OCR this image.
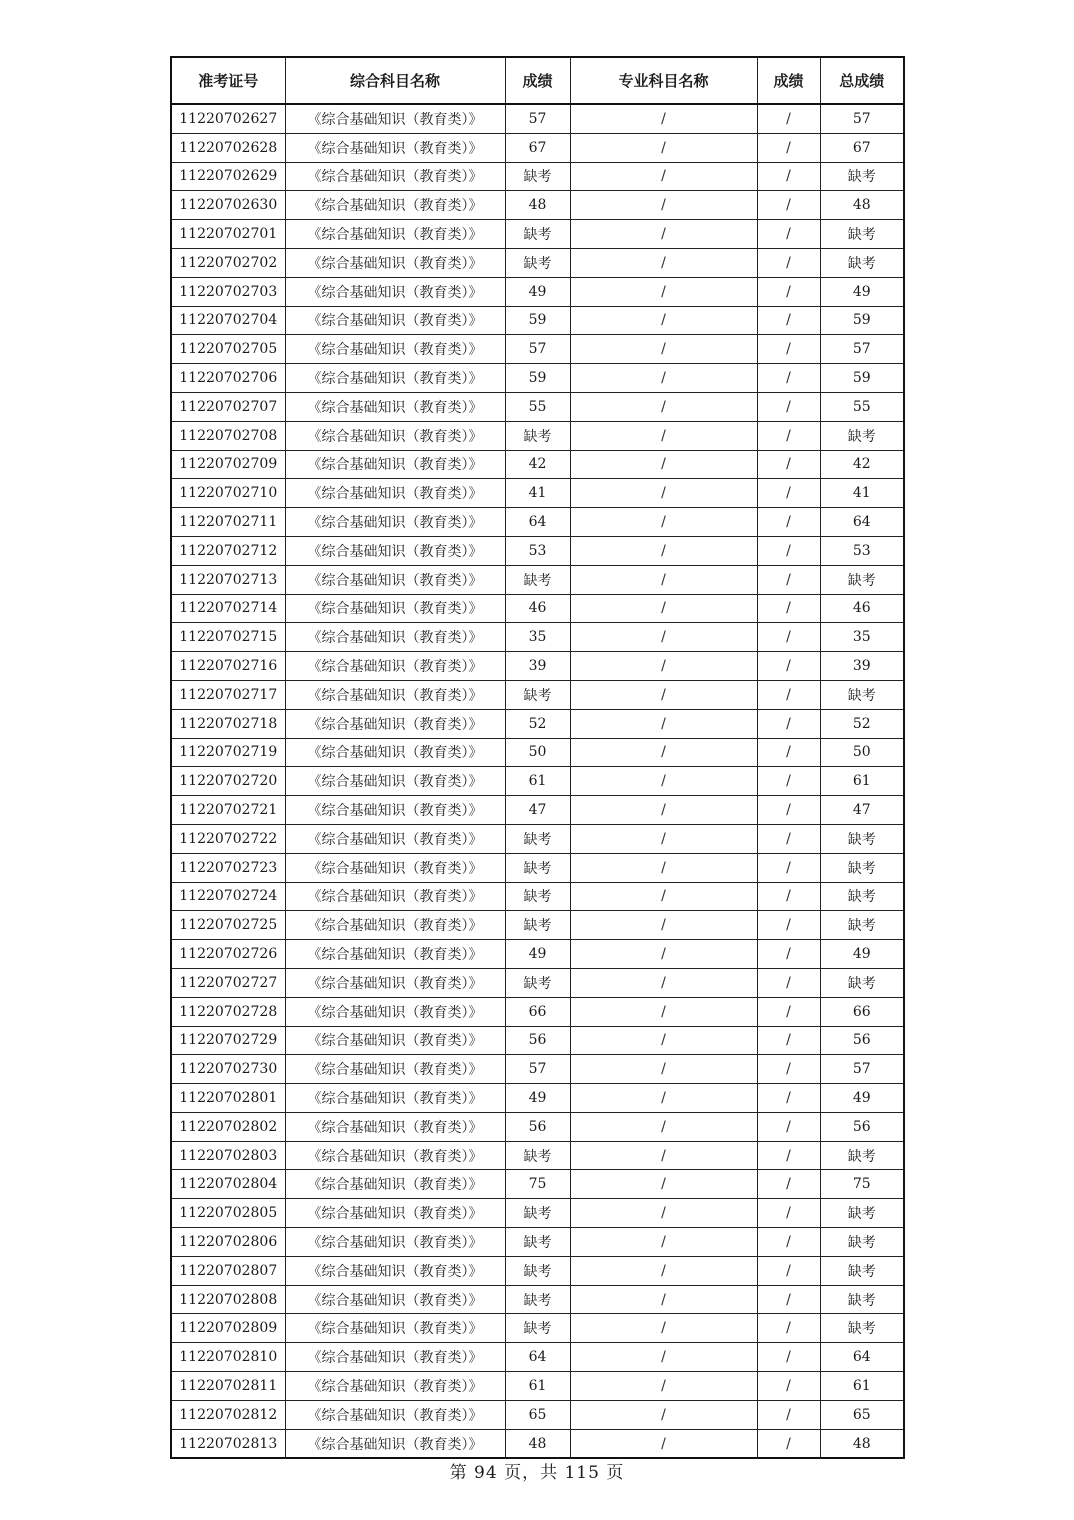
准考证号	综合科目名称	成绩	专业科目名称	成绩	总成绩
11220702627	《综合基础知识（教育类）》	57	/	/	57
11220702628	《综合基础知识（教育类）》	67	/	/	67
11220702629	《综合基础知识（教育类）》	缺考	/	/	缺考
11220702630	《综合基础知识（教育类）》	48	/	/	48
11220702701	《综合基础知识（教育类）》	缺考	/	/	缺考
11220702702	《综合基础知识（教育类）》	缺考	/	/	缺考
11220702703	《综合基础知识（教育类）》	49	/	/	49
11220702704	《综合基础知识（教育类）》	59	/	/	59
11220702705	《综合基础知识（教育类）》	57	/	/	57
11220702706	《综合基础知识（教育类）》	59	/	/	59
11220702707	《综合基础知识（教育类）》	55	/	/	55
11220702708	《综合基础知识（教育类）》	缺考	/	/	缺考
11220702709	《综合基础知识（教育类）》	42	/	/	42
11220702710	《综合基础知识（教育类）》	41	/	/	41
11220702711	《综合基础知识（教育类）》	64	/	/	64
11220702712	《综合基础知识（教育类）》	53	/	/	53
11220702713	《综合基础知识（教育类）》	缺考	/	/	缺考
11220702714	《综合基础知识（教育类）》	46	/	/	46
11220702715	《综合基础知识（教育类）》	35	/	/	35
11220702716	《综合基础知识（教育类）》	39	/	/	39
11220702717	《综合基础知识（教育类）》	缺考	/	/	缺考
11220702718	《综合基础知识（教育类）》	52	/	/	52
11220702719	《综合基础知识（教育类）》	50	/	/	50
11220702720	《综合基础知识（教育类）》	61	/	/	61
11220702721	《综合基础知识（教育类）》	47	/	/	47
11220702722	《综合基础知识（教育类）》	缺考	/	/	缺考
11220702723	《综合基础知识（教育类）》	缺考	/	/	缺考
11220702724	《综合基础知识（教育类）》	缺考	/	/	缺考
11220702725	《综合基础知识（教育类）》	缺考	/	/	缺考
11220702726	《综合基础知识（教育类）》	49	/	/	49
11220702727	《综合基础知识（教育类）》	缺考	/	/	缺考
11220702728	《综合基础知识（教育类）》	66	/	/	66
11220702729	《综合基础知识（教育类）》	56	/	/	56
11220702730	《综合基础知识（教育类）》	57	/	/	57
11220702801	《综合基础知识（教育类）》	49	/	/	49
11220702802	《综合基础知识（教育类）》	56	/	/	56
11220702803	《综合基础知识（教育类）》	缺考	/	/	缺考
11220702804	《综合基础知识（教育类）》	75	/	/	75
11220702805	《综合基础知识（教育类）》	缺考	/	/	缺考
11220702806	《综合基础知识（教育类）》	缺考	/	/	缺考
11220702807	《综合基础知识（教育类）》	缺考	/	/	缺考
11220702808	《综合基础知识（教育类）》	缺考	/	/	缺考
11220702809	《综合基础知识（教育类）》	缺考	/	/	缺考
11220702810	《综合基础知识（教育类）》	64	/	/	64
11220702811	《综合基础知识（教育类）》	61	/	/	61
11220702812	《综合基础知识（教育类）》	65	/	/	65
11220702813	《综合基础知识（教育类）》	48	/	/	48
第 94 页，共 115 页
